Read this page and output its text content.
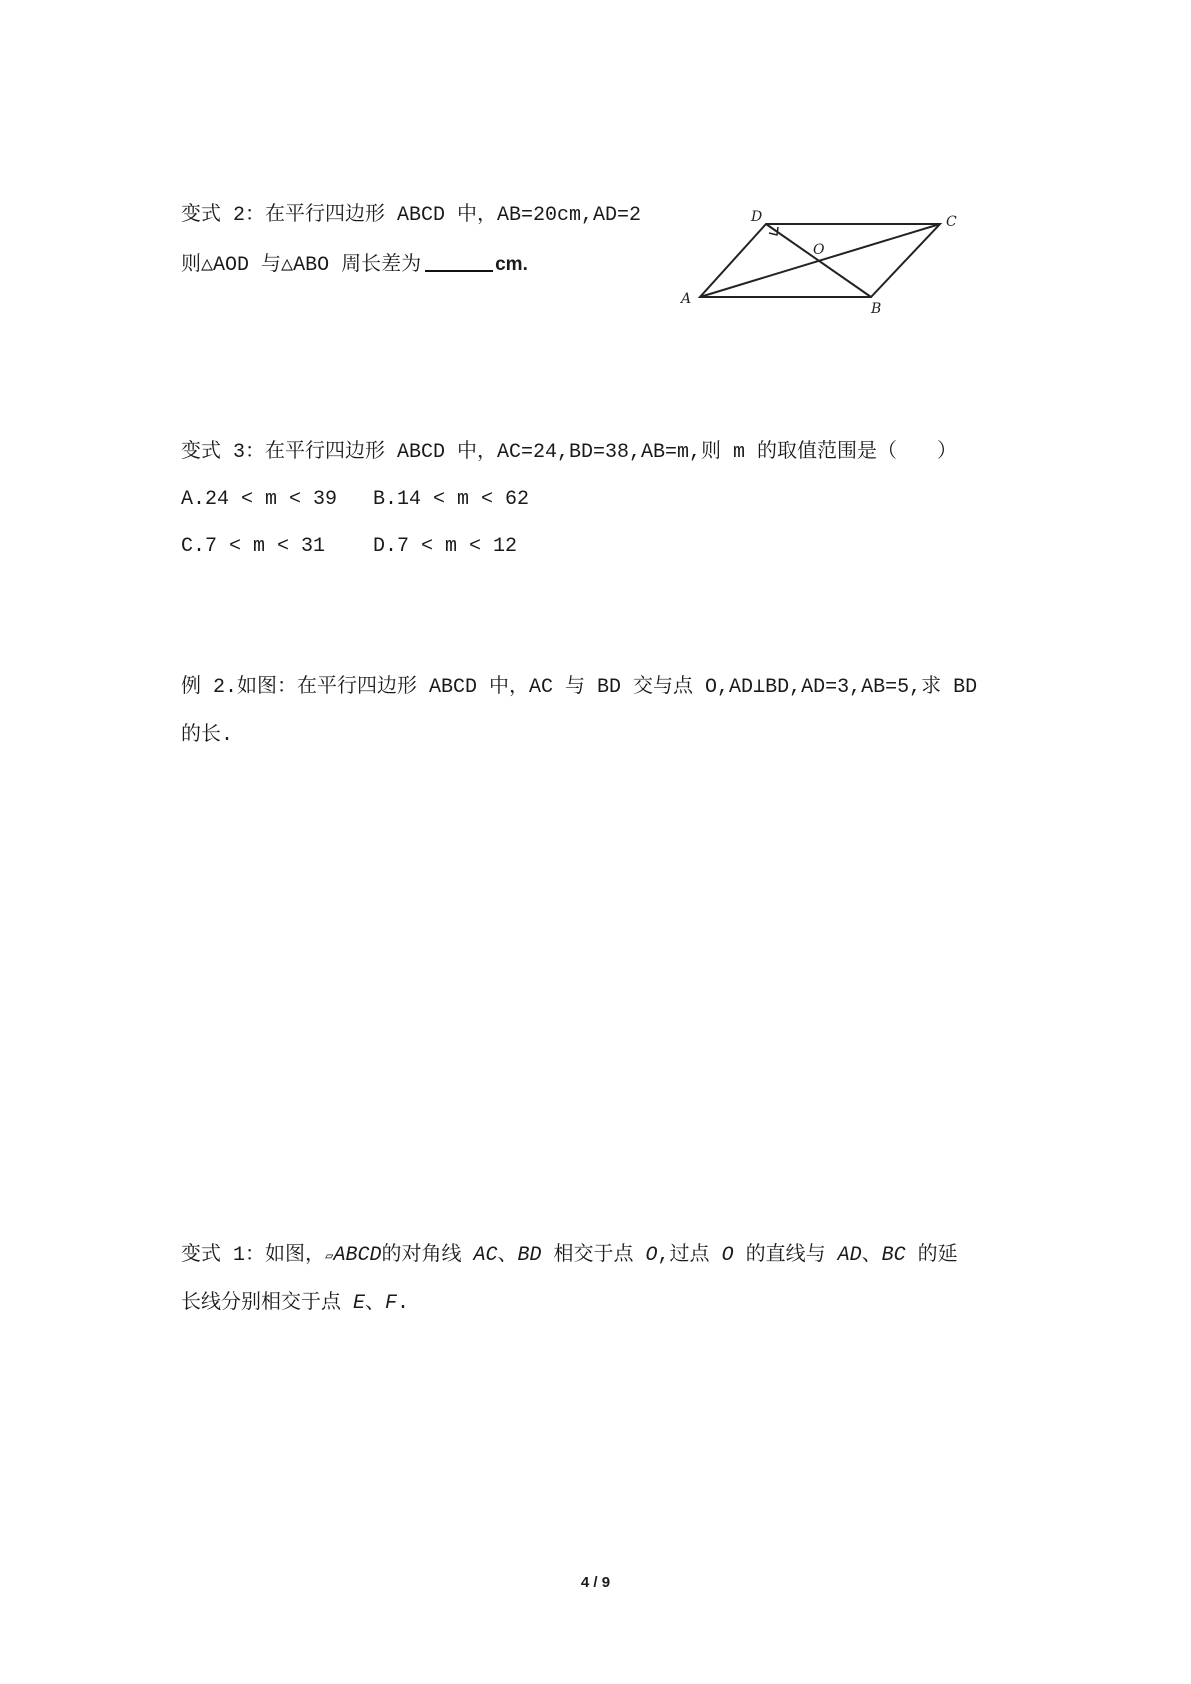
变式 2：在平行四边形 ABCD 中，AB=20cm,AD=2
则△AOD 与△ABO 周长差为	cm.
A
B
C
D
O
变式 3：在平行四边形 ABCD 中，AC=24,BD=38,AB=m,则 m 的取值范围是（　　）
A.24 < m < 39 B.14 < m < 62
C.7 < m < 31 D.7 < m < 12
例 2.如图：在平行四边形 ABCD 中，AC 与 BD 交与点 O,AD⊥BD,AD=3,AB=5,求 BD
的长.
变式 1：如图，▱ABCD的对角线 AC、BD 相交于点 O,过点 O 的直线与 AD、BC 的延
长线分别相交于点 E、F.
4 / 9
